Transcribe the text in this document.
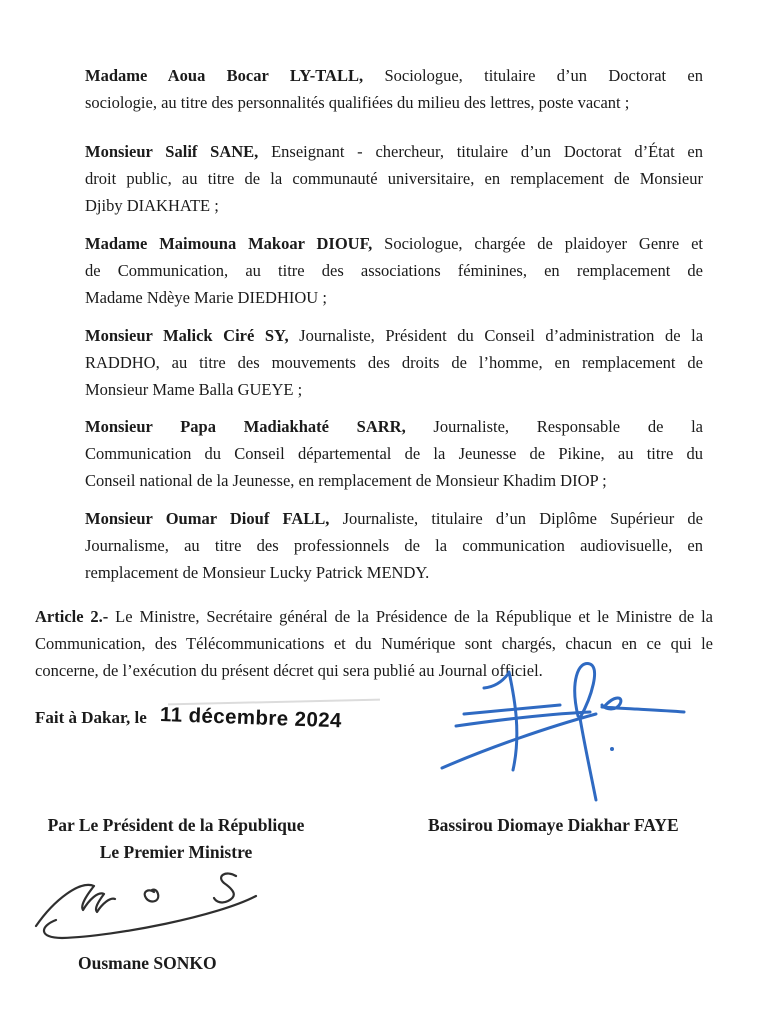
Madame Aoua Bocar LY-TALL, Sociologue, titulaire d’un Doctorat en
sociologie, au titre des personnalités qualifiées du milieu des lettres, poste vacant ;
Monsieur Salif SANE, Enseignant - chercheur, titulaire d’un Doctorat d’État en
droit public, au titre de la communauté universitaire, en remplacement de Monsieur
Djiby DIAKHATE ;
Madame Maimouna Makoar DIOUF, Sociologue, chargée de plaidoyer Genre et
de Communication, au titre des associations féminines, en remplacement de
Madame Ndèye Marie DIEDHIOU ;
Monsieur Malick Ciré SY, Journaliste, Président du Conseil d’administration de la
RADDHO, au titre des mouvements des droits de l’homme, en remplacement de
Monsieur Mame Balla GUEYE ;
Monsieur Papa Madiakhaté SARR, Journaliste, Responsable de la
Communication du Conseil départemental de la Jeunesse de Pikine, au titre du
Conseil national de la Jeunesse, en remplacement de Monsieur Khadim DIOP ;
Monsieur Oumar Diouf FALL, Journaliste, titulaire d’un Diplôme Supérieur de
Journalisme, au titre des professionnels de la communication audiovisuelle, en
remplacement de Monsieur Lucky Patrick MENDY.
Article 2.- Le Ministre, Secrétaire général de la Présidence de la République et le Ministre de la
Communication, des Télécommunications et du Numérique sont chargés, chacun en ce qui le
concerne, de l’exécution du présent décret qui sera publié au Journal officiel.
Fait à Dakar, le 11 décembre 2024
Par Le Président de la République
Le Premier Ministre
Bassirou Diomaye Diakhar FAYE
Ousmane SONKO
